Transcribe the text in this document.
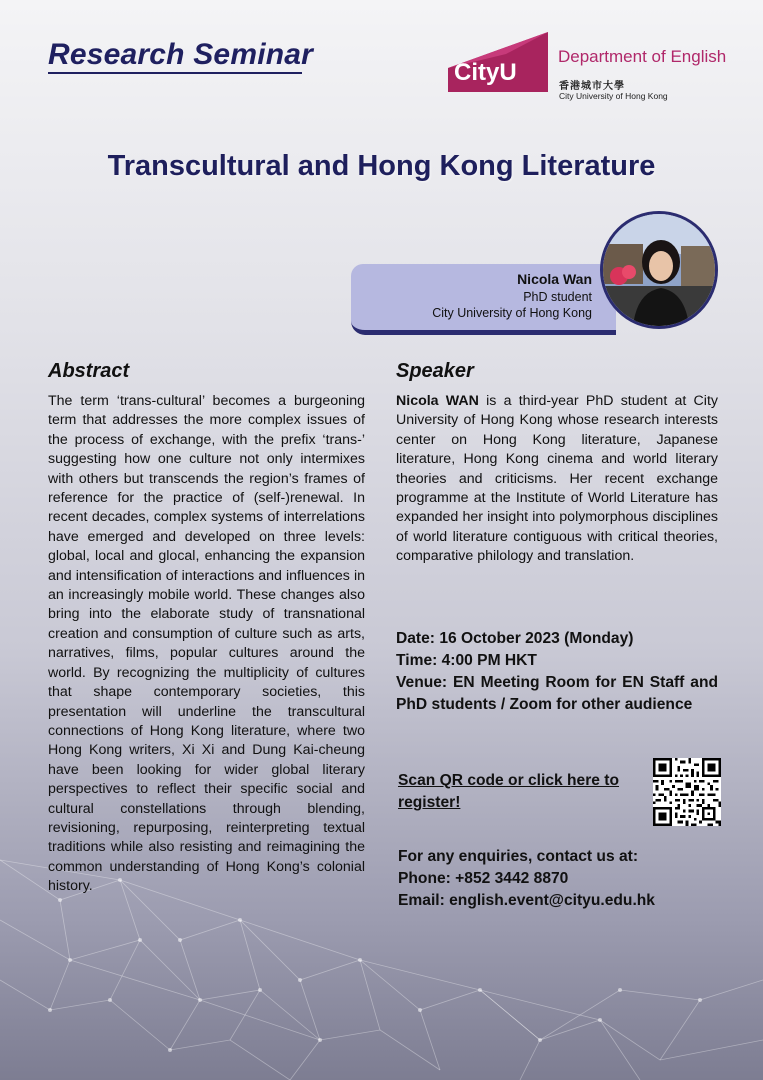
Research Seminar
CityU
Department of English
香港城市大學
City University of Hong Kong
Transcultural and Hong Kong Literature
Nicola Wan
PhD student
City University of Hong Kong
Abstract
The term ‘trans-cultural’ becomes a burgeoning term that addresses the more complex issues of the process of exchange, with the prefix ‘trans-’ suggesting how one culture not only intermixes with others but transcends the region’s frames of reference for the practice of (self-)renewal. In recent decades, complex systems of interrelations have emerged and developed on three levels: global, local and glocal, enhancing the expansion and intensification of interactions and influences in an increasingly mobile world. These changes also bring into the elaborate study of transnational creation and consumption of culture such as arts, narratives, films, popular cultures around the world. By recognizing the multiplicity of cultures that shape contemporary societies, this presentation will underline the transcultural connections of Hong Kong literature, where two Hong Kong writers, Xi Xi and Dung Kai-cheung have been looking for wider global literary perspectives to reflect their specific social and cultural constellations through blending, revisioning, repurposing, reinterpreting textual traditions while also resisting and reimagining the common understanding of Hong Kong’s colonial history.
Speaker
Nicola WAN is a third-year PhD student at City University of Hong Kong whose research interests center on Hong Kong literature, Japanese literature, Hong Kong cinema and world literary theories and criticisms. Her recent exchange programme at the Institute of World Literature has expanded her insight into polymorphous disciplines of world literature contiguous with critical theories, comparative philology and translation.
Date: 16 October 2023 (Monday)
Time: 4:00 PM HKT
Venue: EN Meeting Room for EN Staff and PhD students / Zoom for other audience
Scan QR code or click here to register!
For any enquiries, contact us at:
Phone: +852 3442 8870
Email: english.event@cityu.edu.hk
